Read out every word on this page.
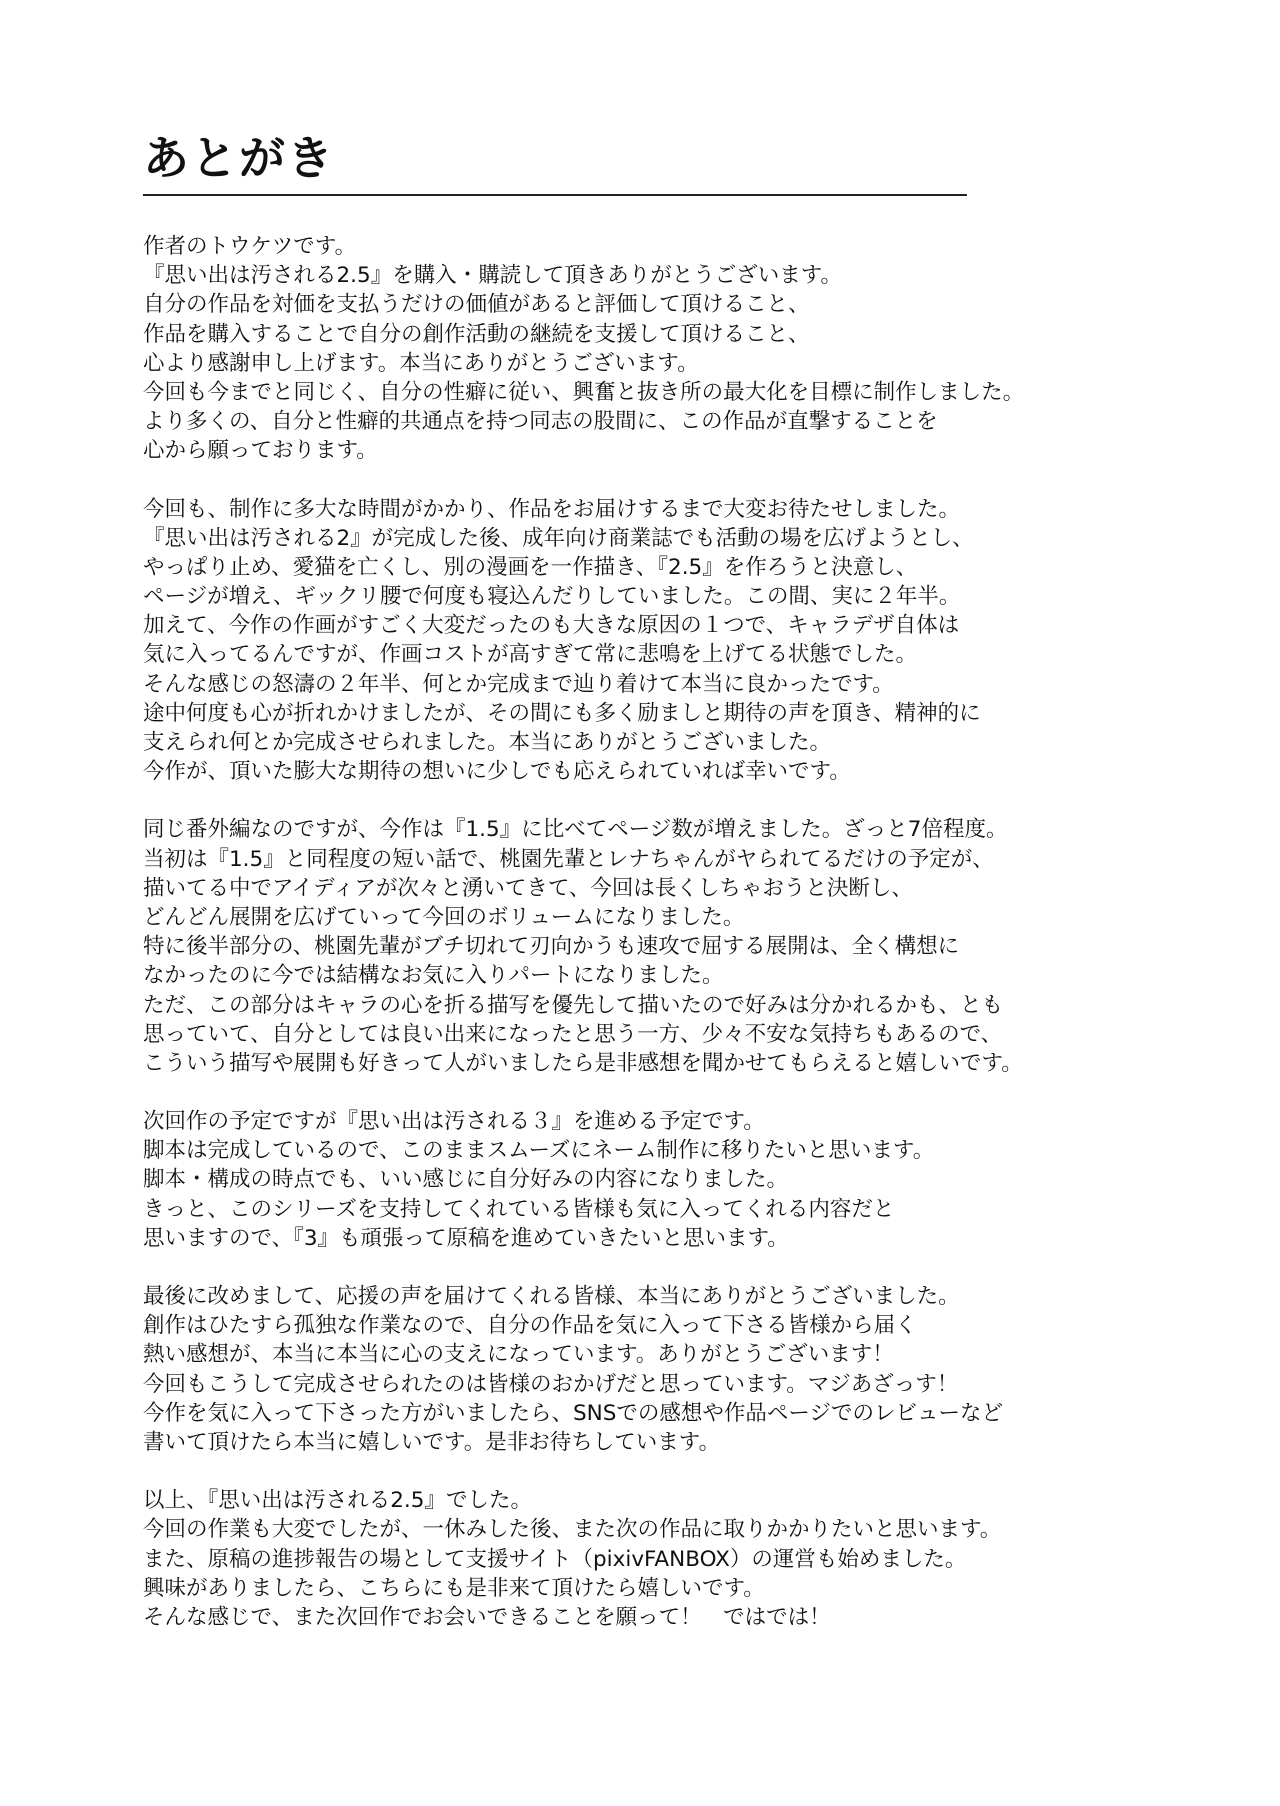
あとがき
作者のトウケツです。
『思い出は汚される2.5』を購入・購読して頂きありがとうございます。
自分の作品を対価を支払うだけの価値があると評価して頂けること、
作品を購入することで自分の創作活動の継続を支援して頂けること、
心より感謝申し上げます。本当にありがとうございます。
今回も今までと同じく、自分の性癖に従い、興奮と抜き所の最大化を目標に制作しました。
より多くの、自分と性癖的共通点を持つ同志の股間に、この作品が直撃することを
心から願っております。
今回も、制作に多大な時間がかかり、作品をお届けするまで大変お待たせしました。
『思い出は汚される2』が完成した後、成年向け商業誌でも活動の場を広げようとし、
やっぱり止め、愛猫を亡くし、別の漫画を一作描き、『2.5』を作ろうと決意し、
ページが増え、ギックリ腰で何度も寝込んだりしていました。この間、実に２年半。
加えて、今作の作画がすごく大変だったのも大きな原因の１つで、キャラデザ自体は
気に入ってるんですが、作画コストが高すぎて常に悲鳴を上げてる状態でした。
そんな感じの怒濤の２年半、何とか完成まで辿り着けて本当に良かったです。
途中何度も心が折れかけましたが、その間にも多く励ましと期待の声を頂き、精神的に
支えられ何とか完成させられました。本当にありがとうございました。
今作が、頂いた膨大な期待の想いに少しでも応えられていれば幸いです。
同じ番外編なのですが、今作は『1.5』に比べてページ数が増えました。ざっと7倍程度。
当初は『1.5』と同程度の短い話で、桃園先輩とレナちゃんがヤられてるだけの予定が、
描いてる中でアイディアが次々と湧いてきて、今回は長くしちゃおうと決断し、
どんどん展開を広げていって今回のボリュームになりました。
特に後半部分の、桃園先輩がブチ切れて刃向かうも速攻で屈する展開は、全く構想に
なかったのに今では結構なお気に入りパートになりました。
ただ、この部分はキャラの心を折る描写を優先して描いたので好みは分かれるかも、とも
思っていて、自分としては良い出来になったと思う一方、少々不安な気持ちもあるので、
こういう描写や展開も好きって人がいましたら是非感想を聞かせてもらえると嬉しいです。
次回作の予定ですが『思い出は汚される３』を進める予定です。
脚本は完成しているので、このままスムーズにネーム制作に移りたいと思います。
脚本・構成の時点でも、いい感じに自分好みの内容になりました。
きっと、このシリーズを支持してくれている皆様も気に入ってくれる内容だと
思いますので、『3』も頑張って原稿を進めていきたいと思います。
最後に改めまして、応援の声を届けてくれる皆様、本当にありがとうございました。
創作はひたすら孤独な作業なので、自分の作品を気に入って下さる皆様から届く
熱い感想が、本当に本当に心の支えになっています。ありがとうございます！
今回もこうして完成させられたのは皆様のおかげだと思っています。マジあざっす！
今作を気に入って下さった方がいましたら、SNSでの感想や作品ページでのレビューなど
書いて頂けたら本当に嬉しいです。是非お待ちしています。
以上、『思い出は汚される2.5』でした。
今回の作業も大変でしたが、一休みした後、また次の作品に取りかかりたいと思います。
また、原稿の進捗報告の場として支援サイト（pixivFANBOX）の運営も始めました。
興味がありましたら、こちらにも是非来て頂けたら嬉しいです。
そんな感じで、また次回作でお会いできることを願って！　ではでは！
